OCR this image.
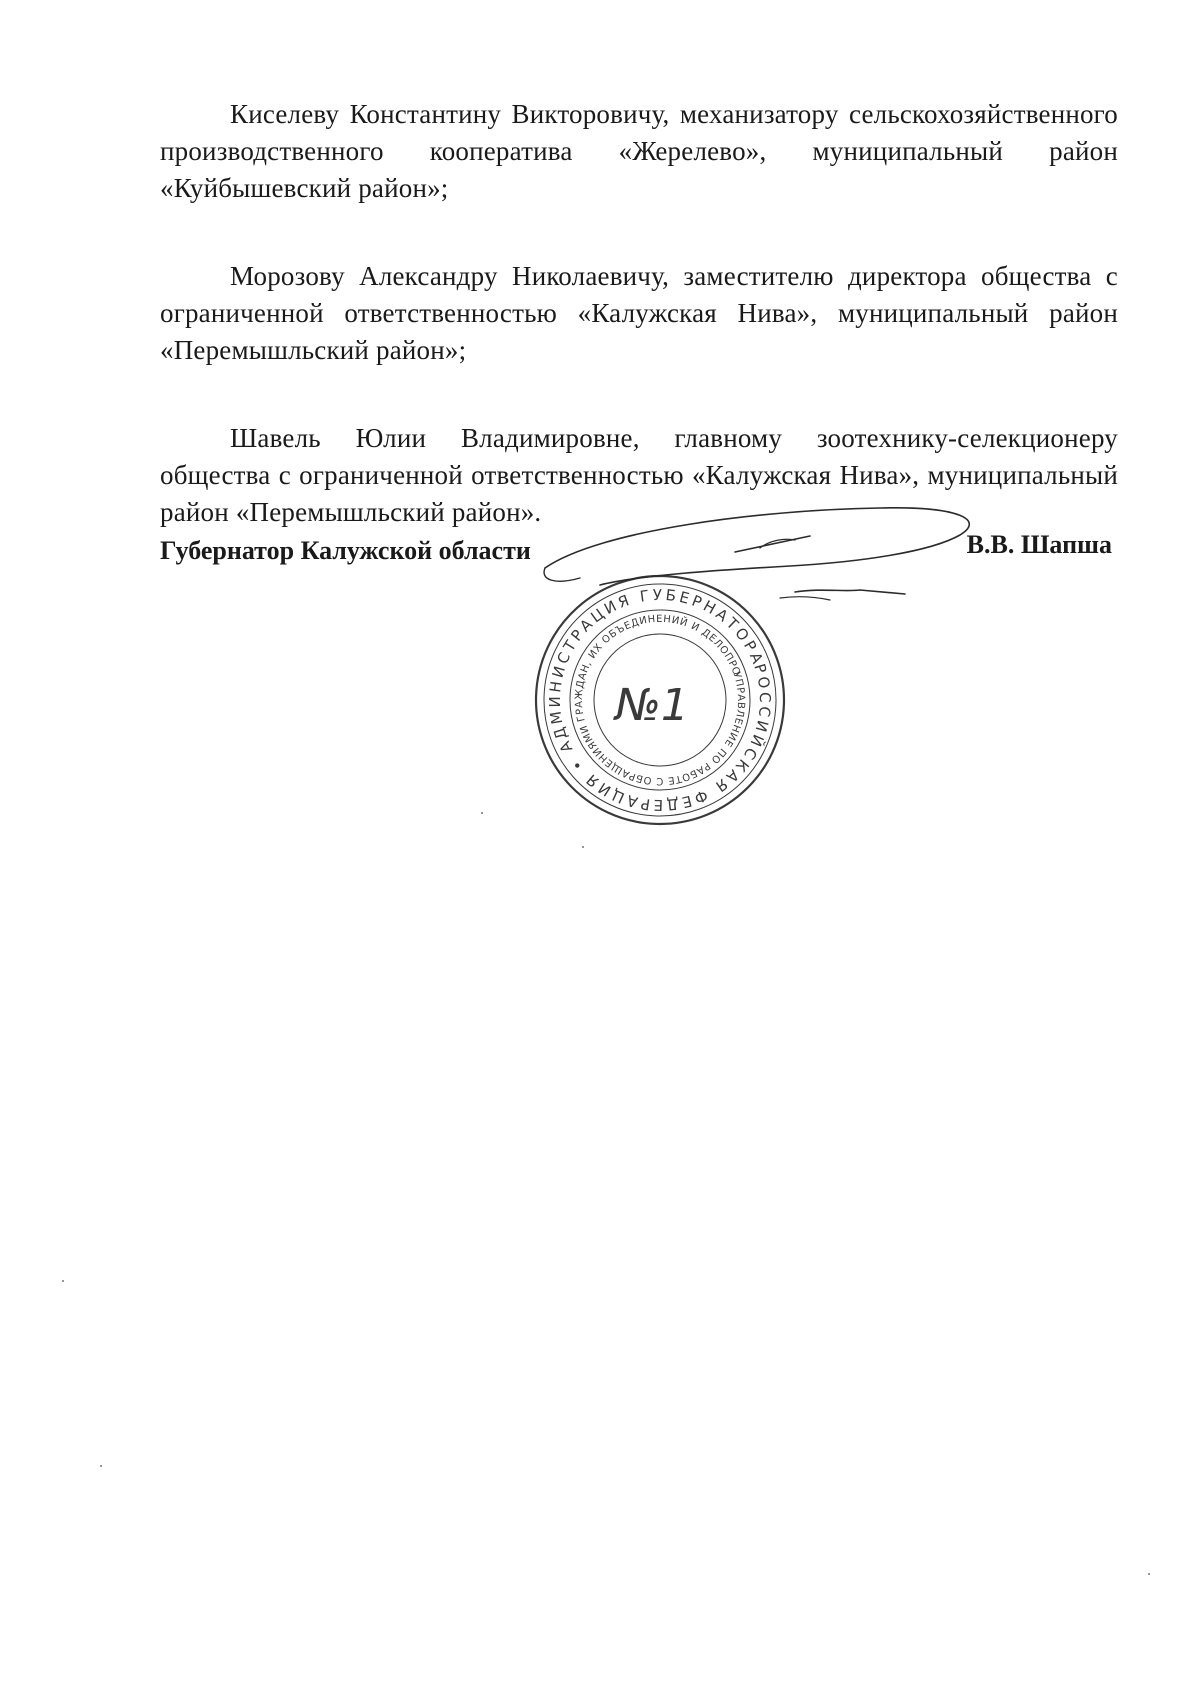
Киселеву Константину Викторовичу, механизатору сельскохозяйственного производственного кооператива «Жерелево», муниципальный район «Куйбышевский район»;

Морозову Александру Николаевичу, заместителю директора общества с ограниченной ответственностью «Калужская Нива», муниципальный район «Перемышльский район»;

Шавель Юлии Владимировне, главному зоотехнику-селекционеру общества с ограниченной ответственностью «Калужская Нива», муниципальный район «Перемышльский район».

Губернатор Калужской области	В.В. Шапша
РОССИЙСКАЯ ФЕДЕРАЦИЯ • АДМИНИСТРАЦИЯ ГУБЕРНАТОРА
УПРАВЛЕНИЕ ПО РАБОТЕ С ОБРАЩЕНИЯМИ ГРАЖДАН, ИХ ОБЪЕДИНЕНИЙ И ДЕЛОПРОИЗВОДСТВУ
№1
